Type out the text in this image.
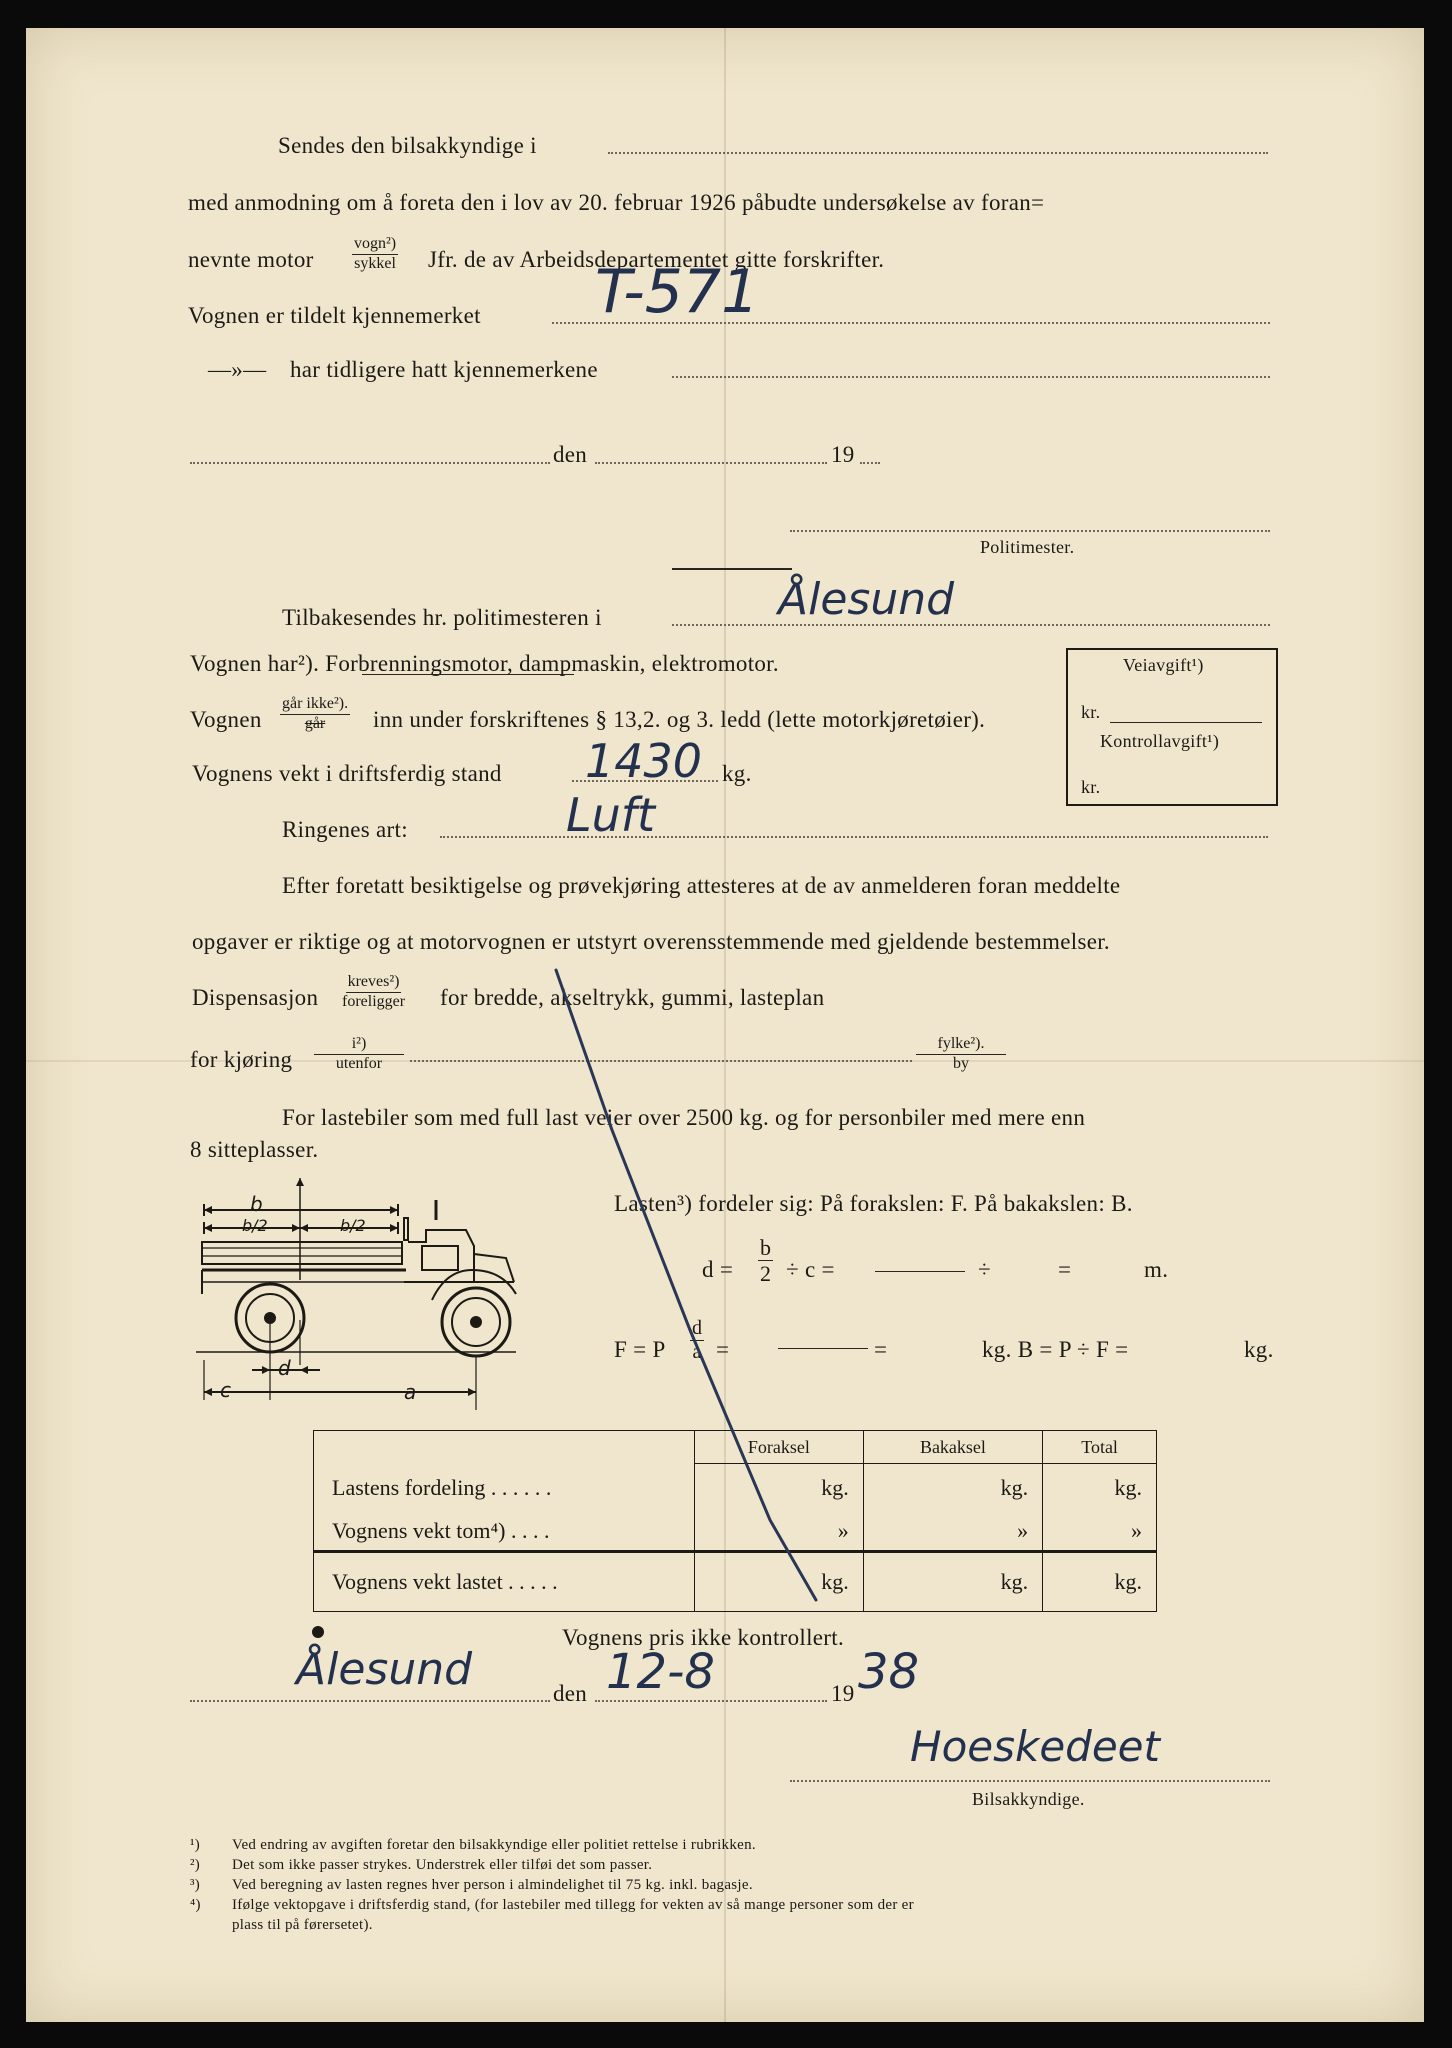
Sendes den bilsakkyndige i
med anmodning om å foreta den i lov av 20. februar 1926 påbudte undersøkelse av foran=
nevnte motor
vogn²)
sykkel Jfr. de av Arbeidsdepartementet gitte forskrifter.
Vognen er tildelt kjennemerket T-571
—»— har tidligere hatt kjennemerkene
den	19
Politimester.
Tilbakesendes hr. politimesteren i	Ålesund
Vognen har²). Forbrenningsmotor, dampmaskin, elektromotor.
Vognen
går ikke²).
går inn under forskriftenes § 13,2. og 3. ledd (lette motorkjøretøier).
Vognens vekt i driftsferdig stand 1430 kg.
Ringenes art:	Luft
Veiavgift¹)
kr.
Kontrollavgift¹)
kr.
Efter foretatt besiktigelse og prøvekjøring attesteres at de av anmelderen foran meddelte
opgaver er riktige og at motorvognen er utstyrt overensstemmende med gjeldende bestemmelser.
Dispensasjon
kreves²)
foreligger for bredde, akseltrykk, gummi, lasteplan
for kjøring
i²)
utenfor
fylke²).
by
For lastebiler som med full last veier over 2500 kg. og for personbiler med mere enn
8 sitteplasser.
b
b/2	b/2
c
d
a
Lasten³) fordeler sig: På forakslen: F. På bakakslen: B.
$d = \frac{b}{2} \div c$ =	÷	=	m.
F = P $\frac{d}{a}$ =	=	kg. B = P ÷ F =	kg.
	Foraksel	Bakaksel	Total
Lastens fordeling . . . . . .	kg.	kg.	kg.
Vognens vekt tom⁴) . . . .	»	»	»
Vognens vekt lastet . . . . .	kg.	kg.	kg.
Vognens pris ikke kontrollert.
Ålesund	den 12-8	19 38
Hoeskedeet
Bilsakkyndige.
¹) Ved endring av avgiften foretar den bilsakkyndige eller politiet rettelse i rubrikken.
²) Det som ikke passer strykes. Understrek eller tilføi det som passer.
³) Ved beregning av lasten regnes hver person i almindelighet til 75 kg. inkl. bagasje.
⁴) Ifølge vektopgave i driftsferdig stand, (for lastebiler med tillegg for vekten av så mange personer som der er
plass til på førersetet).
